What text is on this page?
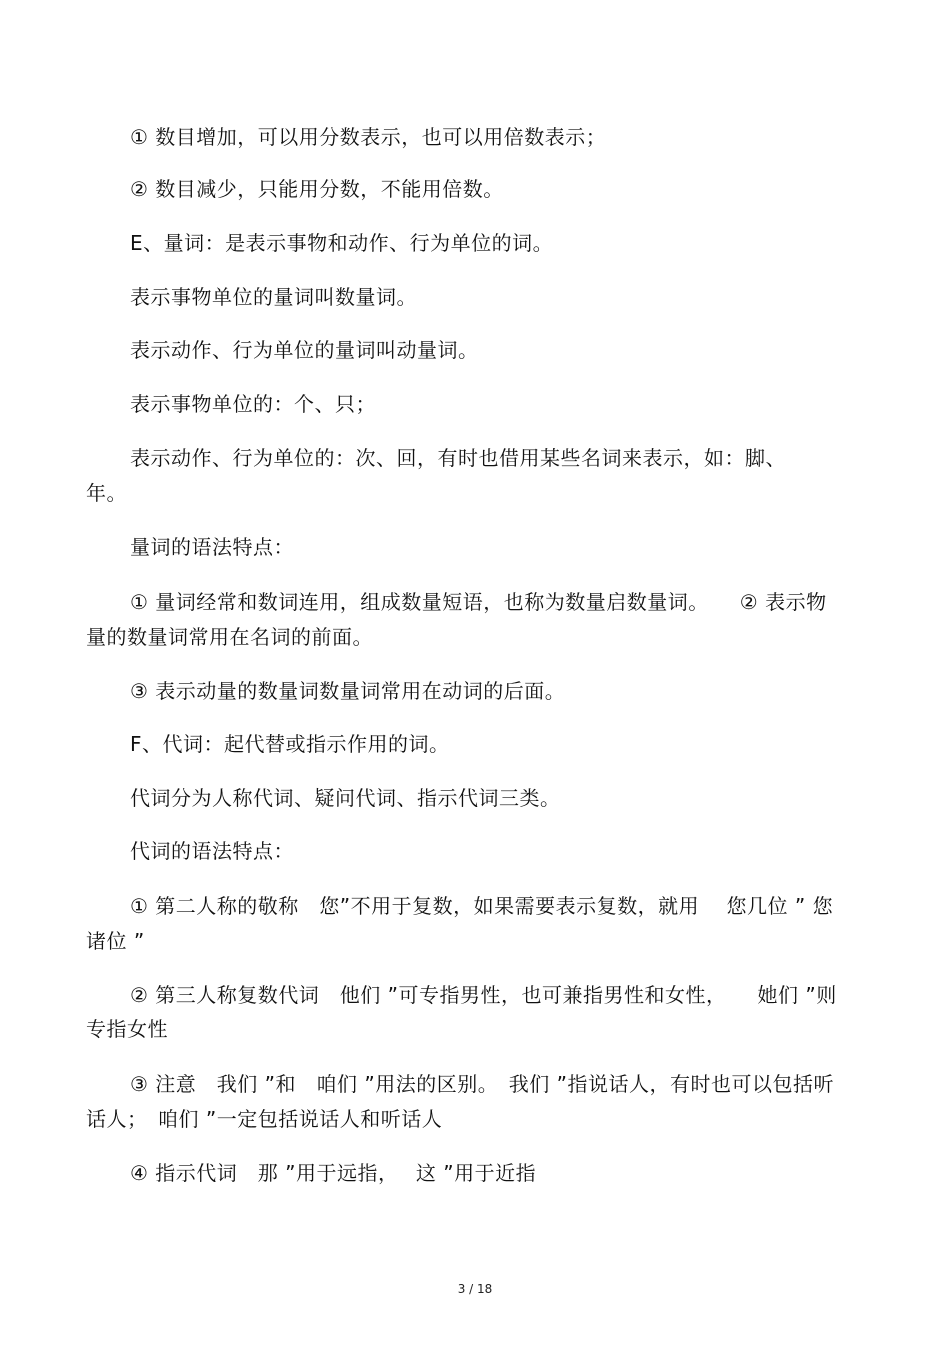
① 数目增加，可以用分数表示，也可以用倍数表示；
② 数目减少，只能用分数，不能用倍数。
E、量词：是表示事物和动作、行为单位的词。
表示事物单位的量词叫数量词。
表示动作、行为单位的量词叫动量词。
表示事物单位的：个、只；
表示动作、行为单位的：次、回，有时也借用某些名词来表示，如：脚、
年。
量词的语法特点：
① 量词经常和数词连用，组成数量短语，也称为数量启数量词。　　② 表示物
量的数量词常用在名词的前面。
③ 表示动量的数量词数量词常用在动词的后面。
F、代词：起代替或指示作用的词。
代词分为人称代词、疑问代词、指示代词三类。
代词的语法特点：
① 第二人称的敬称　您”不用于复数，如果需要表示复数，就用　 您几位 ” 您
诸位 ”
② 第三人称复数代词　他们 ”可专指男性，也可兼指男性和女性，　　她们 ”则
专指女性
③ 注意　我们 ”和　咱们 ”用法的区别。　我们 ”指说话人，有时也可以包括听
话人；　咱们 ”一定包括说话人和听话人
④ 指示代词　那 ”用于远指，　 这 ”用于近指
3 / 18
